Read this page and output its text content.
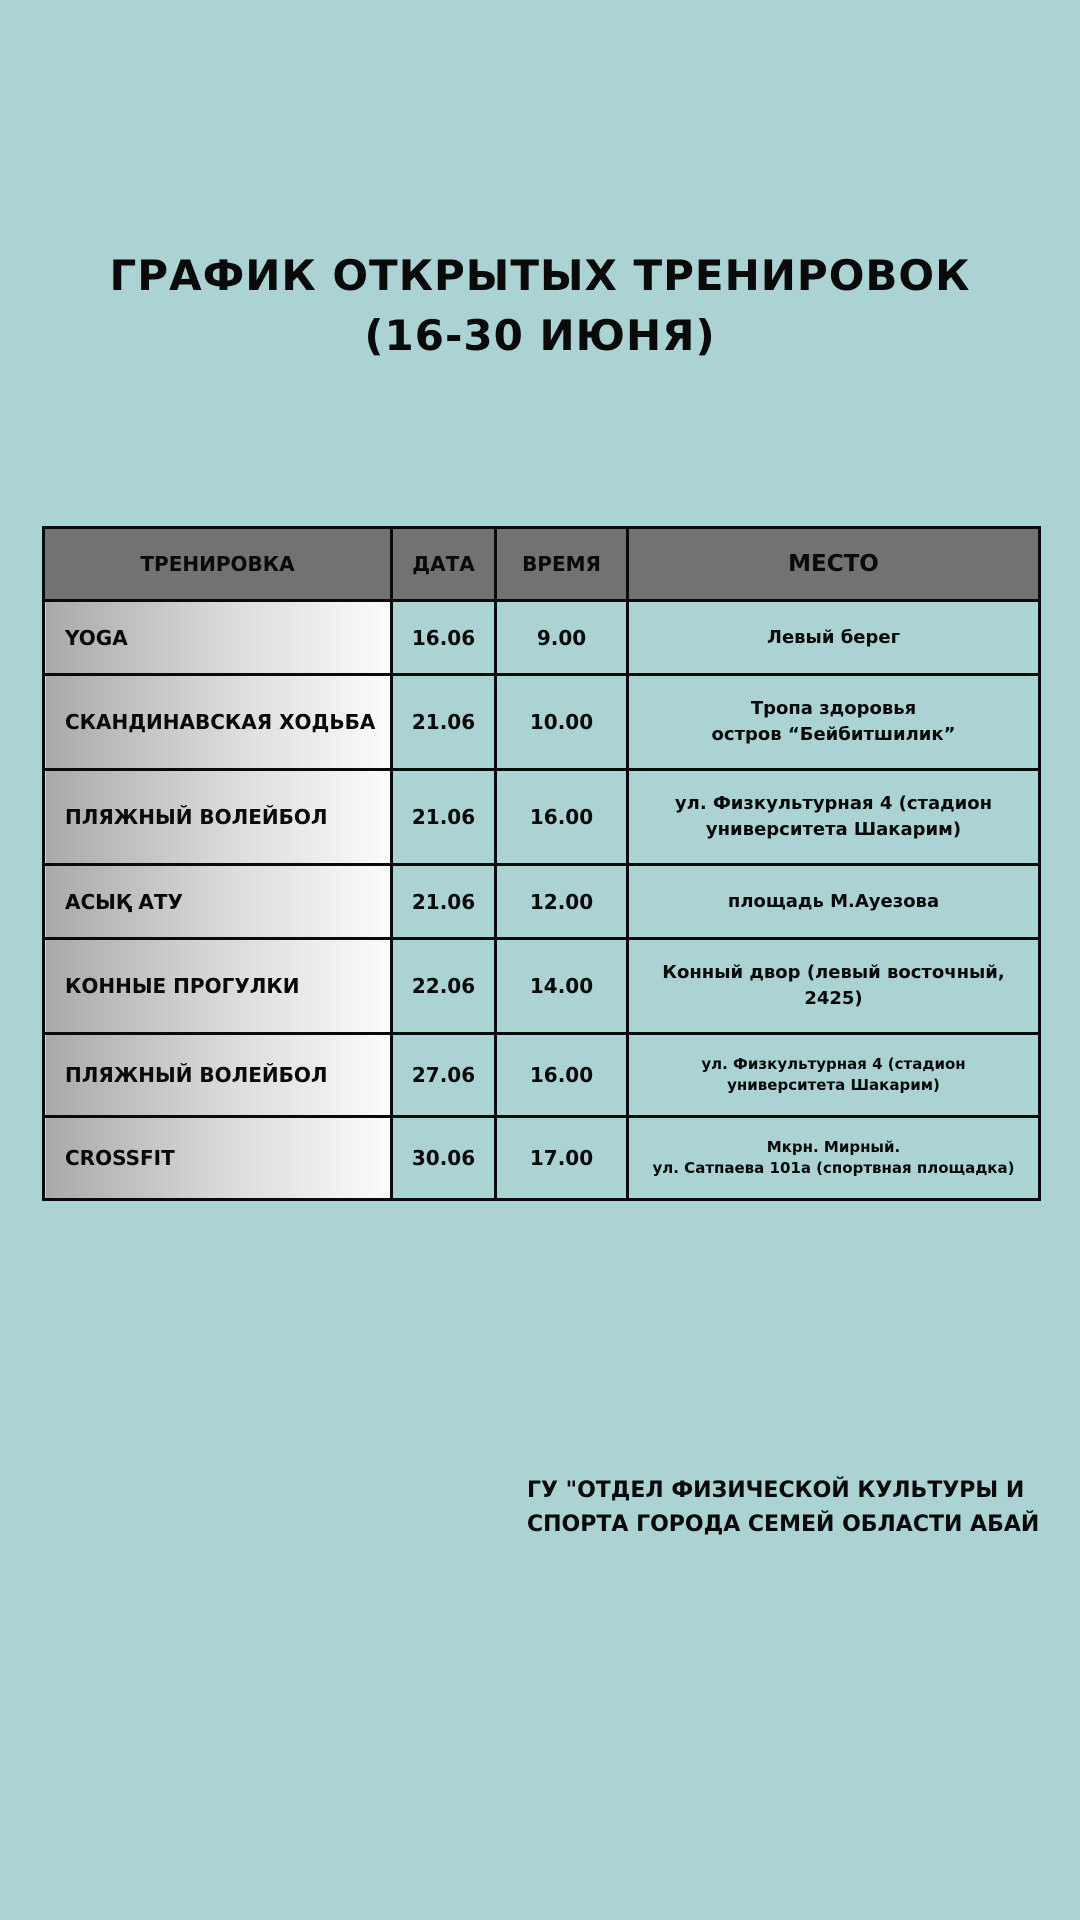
ГРАФИК ОТКРЫТЫХ ТРЕНИРОВОК
(16-30 ИЮНЯ)
ТРЕНИРОВКА	ДАТА	ВРЕМЯ	МЕСТО
YOGA	16.06	9.00	Левый берег

СКАНДИНАВСКАЯ ХОДЬБА	21.06	10.00	Тропа здоровья
остров “Бейбитшилик”

ПЛЯЖНЫЙ ВОЛЕЙБОЛ	21.06	16.00	ул. Физкультурная 4 (стадион
университета Шакарим)

АСЫҚ АТУ	21.06	12.00	площадь М.Ауезова

КОННЫЕ ПРОГУЛКИ	22.06	14.00	Конный двор (левый восточный,
2425)

ПЛЯЖНЫЙ ВОЛЕЙБОЛ	27.06	16.00	ул. Физкультурная 4 (стадион
университета Шакарим)

CROSSFIT	30.06	17.00	Мкрн. Мирный.
ул. Сатпаева 101а (спортвная площадка)
ГУ "ОТДЕЛ ФИЗИЧЕСКОЙ КУЛЬТУРЫ И
СПОРТА ГОРОДА СЕМЕЙ ОБЛАСТИ АБАЙ
